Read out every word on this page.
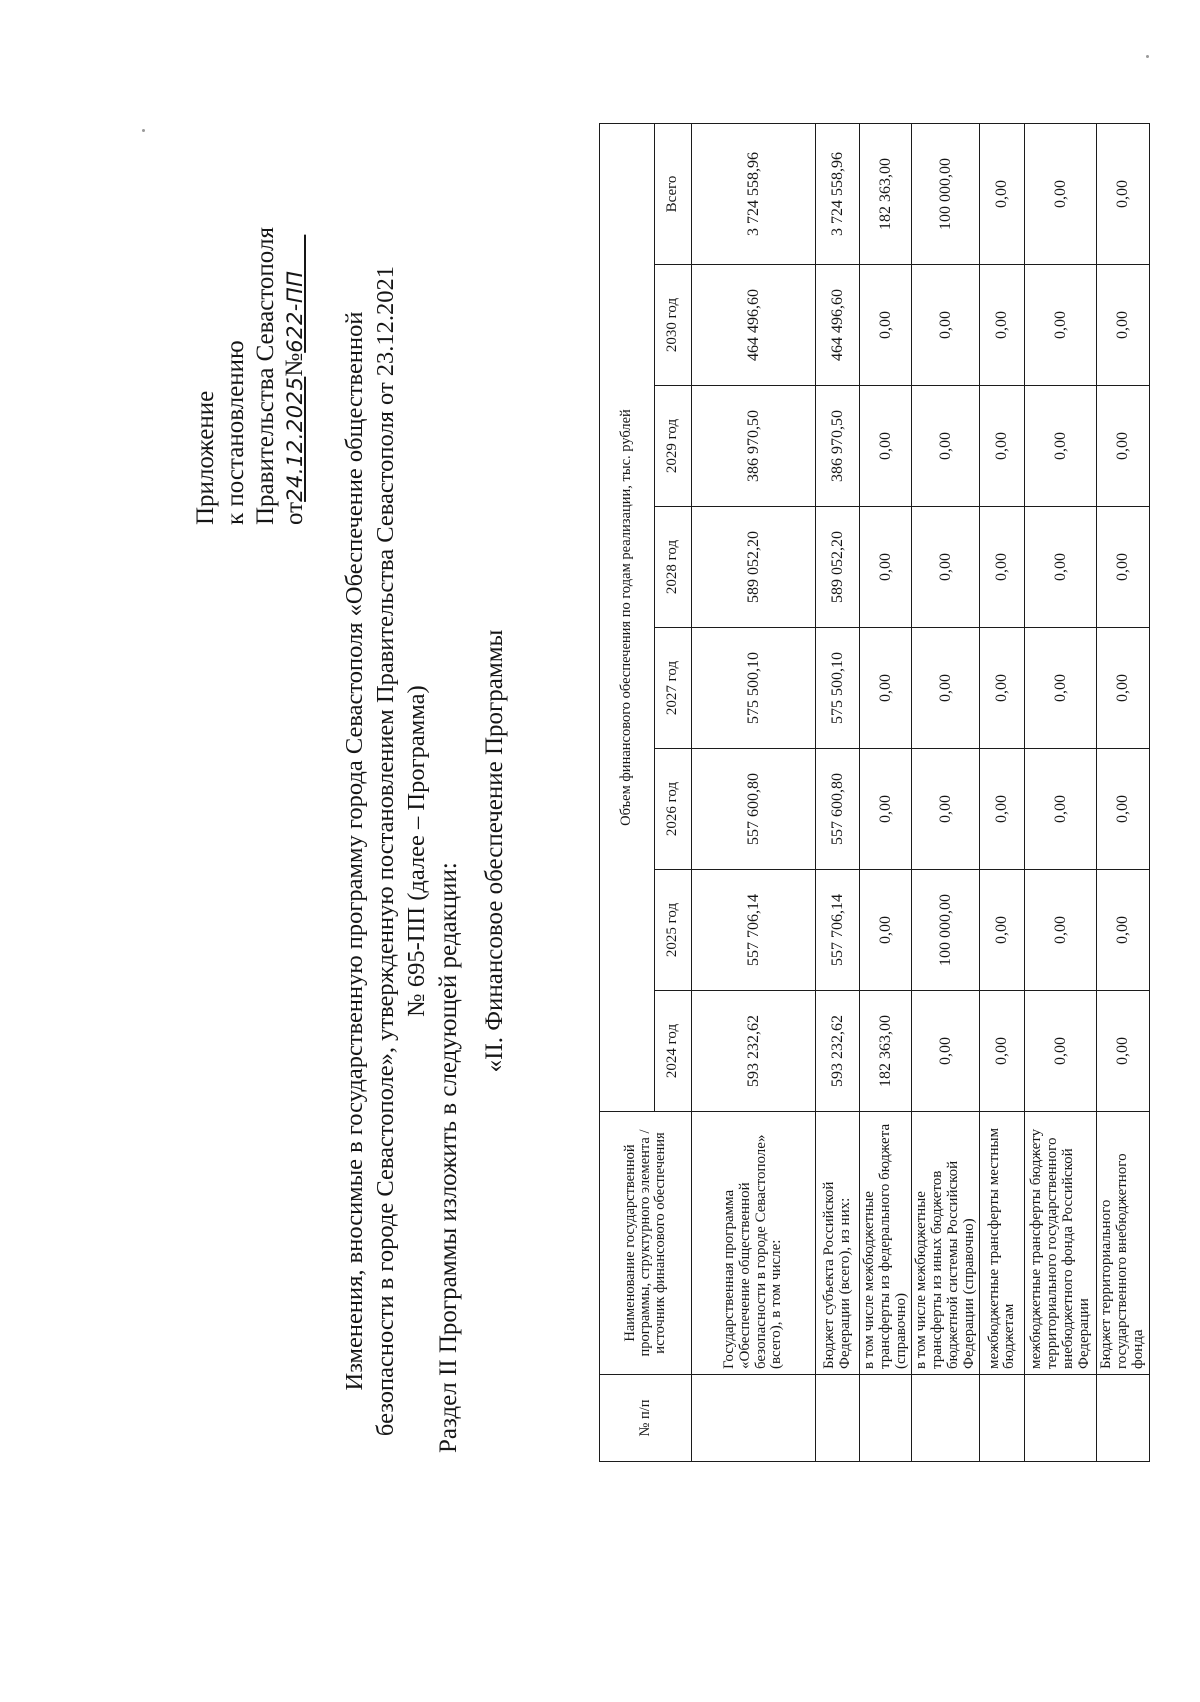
Приложение к постановлению Правительства Севастополя от24.12.2025№622-ПП Изменения, вносимые в государственную программу города Севастополя «Обеспечение общественной безопасности в городе Севастополе», утвержденную постановлением Правительства Севастополя от 23.12.2021 № 695-ПП (далее – Программа)
Раздел II Программы изложить в следующей редакции:
«II. Финансовое обеспечение Программы
№ п/п	Наименование государственной программы, структурного элемента / источник финансового обеспечения	Объем финансового обеспечения по годам реализации, тыс. рублей							
		2024 год	2025 год	2026 год	2027 год	2028 год	2029 год	2030 год	Всего
	Государственная программа «Обеспечение общественной безопасности в городе Севастополе» (всего), в том числе:	593 232,62	557 706,14	557 600,80	575 500,10	589 052,20	386 970,50	464 496,60	3 724 558,96
	Бюджет субъекта Российской Федерации (всего), из них:	593 232,62	557 706,14	557 600,80	575 500,10	589 052,20	386 970,50	464 496,60	3 724 558,96
	в том числе межбюджетные трансферты из федерального бюджета (справочно)	182 363,00	0,00	0,00	0,00	0,00	0,00	0,00	182 363,00
	в том числе межбюджетные трансферты из иных бюджетов бюджетной системы Российской Федерации (справочно)	0,00	100 000,00	0,00	0,00	0,00	0,00	0,00	100 000,00
	межбюджетные трансферты местным бюджетам	0,00	0,00	0,00	0,00	0,00	0,00	0,00	0,00
	межбюджетные трансферты бюджету территориального государственного внебюджетного фонда Российской Федерации	0,00	0,00	0,00	0,00	0,00	0,00	0,00	0,00
	Бюджет территориального государственного внебюджетного фонда	0,00	0,00	0,00	0,00	0,00	0,00	0,00	0,00
